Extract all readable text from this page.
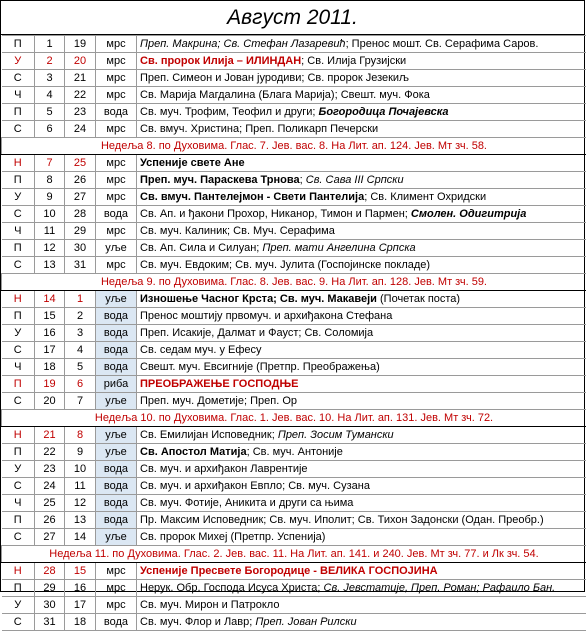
Август 2011.
П	1	19	мрс	Преп. Макрина; Св. Стефан Лазаревић; Пренос мошт. Св. Серафима Саров.
У	2	20	мрс	Св. пророк Илија – ИЛИНДАН; Св. Илија Грузијски
С	3	21	мрс	Преп. Симеон и Јован јуродиви; Св. пророк Језекиљ
Ч	4	22	мрс	Св. Марија Магдалина (Блага Марија); Свешт. муч. Фока
П	5	23	вода	Св. муч. Трофим, Теофил и други; Богородица Почајевска
С	6	24	мрс	Св. вмуч. Христина; Преп. Поликарп Печерски
Недеља 8. по Духовима. Глас. 7. Јев. вас. 8. На Лит. ап. 124. Јев. Мт зч. 58.				
Н	7	25	мрс	Успеније свете Ане
П	8	26	мрс	Преп. муч. Параскева Трнова; Св. Сава III Српски
У	9	27	мрс	Св. вмуч. Пантелејмон - Свети Пантелија; Св. Климент Охридски
С	10	28	вода	Св. Ап. и ђакони Прохор, Никанор, Тимон и Пармен; Смолен. Одигитрија
Ч	11	29	мрс	Св. муч. Калиник; Св. Муч. Серафима
П	12	30	уље	Св. Ап. Сила и Силуан; Преп. мати Ангелина Српска
С	13	31	мрс	Св. муч. Евдоким; Св. муч. Јулита (Госпојинске покладе)
Недеља 9. по Духовима. Глас. 8. Јев. вас. 9. На Лит. ап. 128. Јев. Мт зч. 59.				
Н	14	1	уље	Изношење Часног Крста; Св. муч. Макавеји (Почетак поста)
П	15	2	вода	Пренос моштију првомуч. и архиђакона Стефана
У	16	3	вода	Преп. Исакије, Далмат и Фауст; Св. Соломија
С	17	4	вода	Св. седам муч. у Ефесу
Ч	18	5	вода	Свешт. муч. Евсигније (Претпр. Преображења)
П	19	6	риба	ПРЕОБРАЖЕЊЕ ГОСПОДЊЕ
С	20	7	уље	Преп. муч. Дометије; Преп. Ор
Недеља 10. по Духовима. Глас. 1. Јев. вас. 10. На Лит. ап. 131. Јев. Мт зч. 72.				
Н	21	8	уље	Св. Емилијан Исповедник; Преп. Зосим Тумански
П	22	9	уље	Св. Апостол Матија; Св. муч. Антоније
У	23	10	вода	Св. муч. и архиђакон Лаврентије
С	24	11	вода	Св. муч. и архиђакон Евпло; Св. муч. Сузана
Ч	25	12	вода	Св. муч. Фотије, Аникита и други са њима
П	26	13	вода	Пр. Максим Исповедник; Св. муч. Иполит; Св. Тихон Задонски (Одан. Преобр.)
С	27	14	уље	Св. пророк Михеј (Претпр. Успенија)
Недеља 11. по Духовима. Глас. 2. Јев. вас. 11. На Лит. ап. 141. и 240. Јев. Мт зч. 77. и Лк зч. 54.				
Н	28	15	мрс	Успеније Пресвете Богородице - ВЕЛИКА ГОСПОЈИНА
П	29	16	мрс	Нерук. Обр. Господа Исуса Христа; Св. Јевстатије, Преп. Роман; Рафаило Бан.
У	30	17	мрс	Св. муч. Мирон и Патрокло
С	31	18	вода	Св. муч. Флор и Лавр; Преп. Јован Рилски
